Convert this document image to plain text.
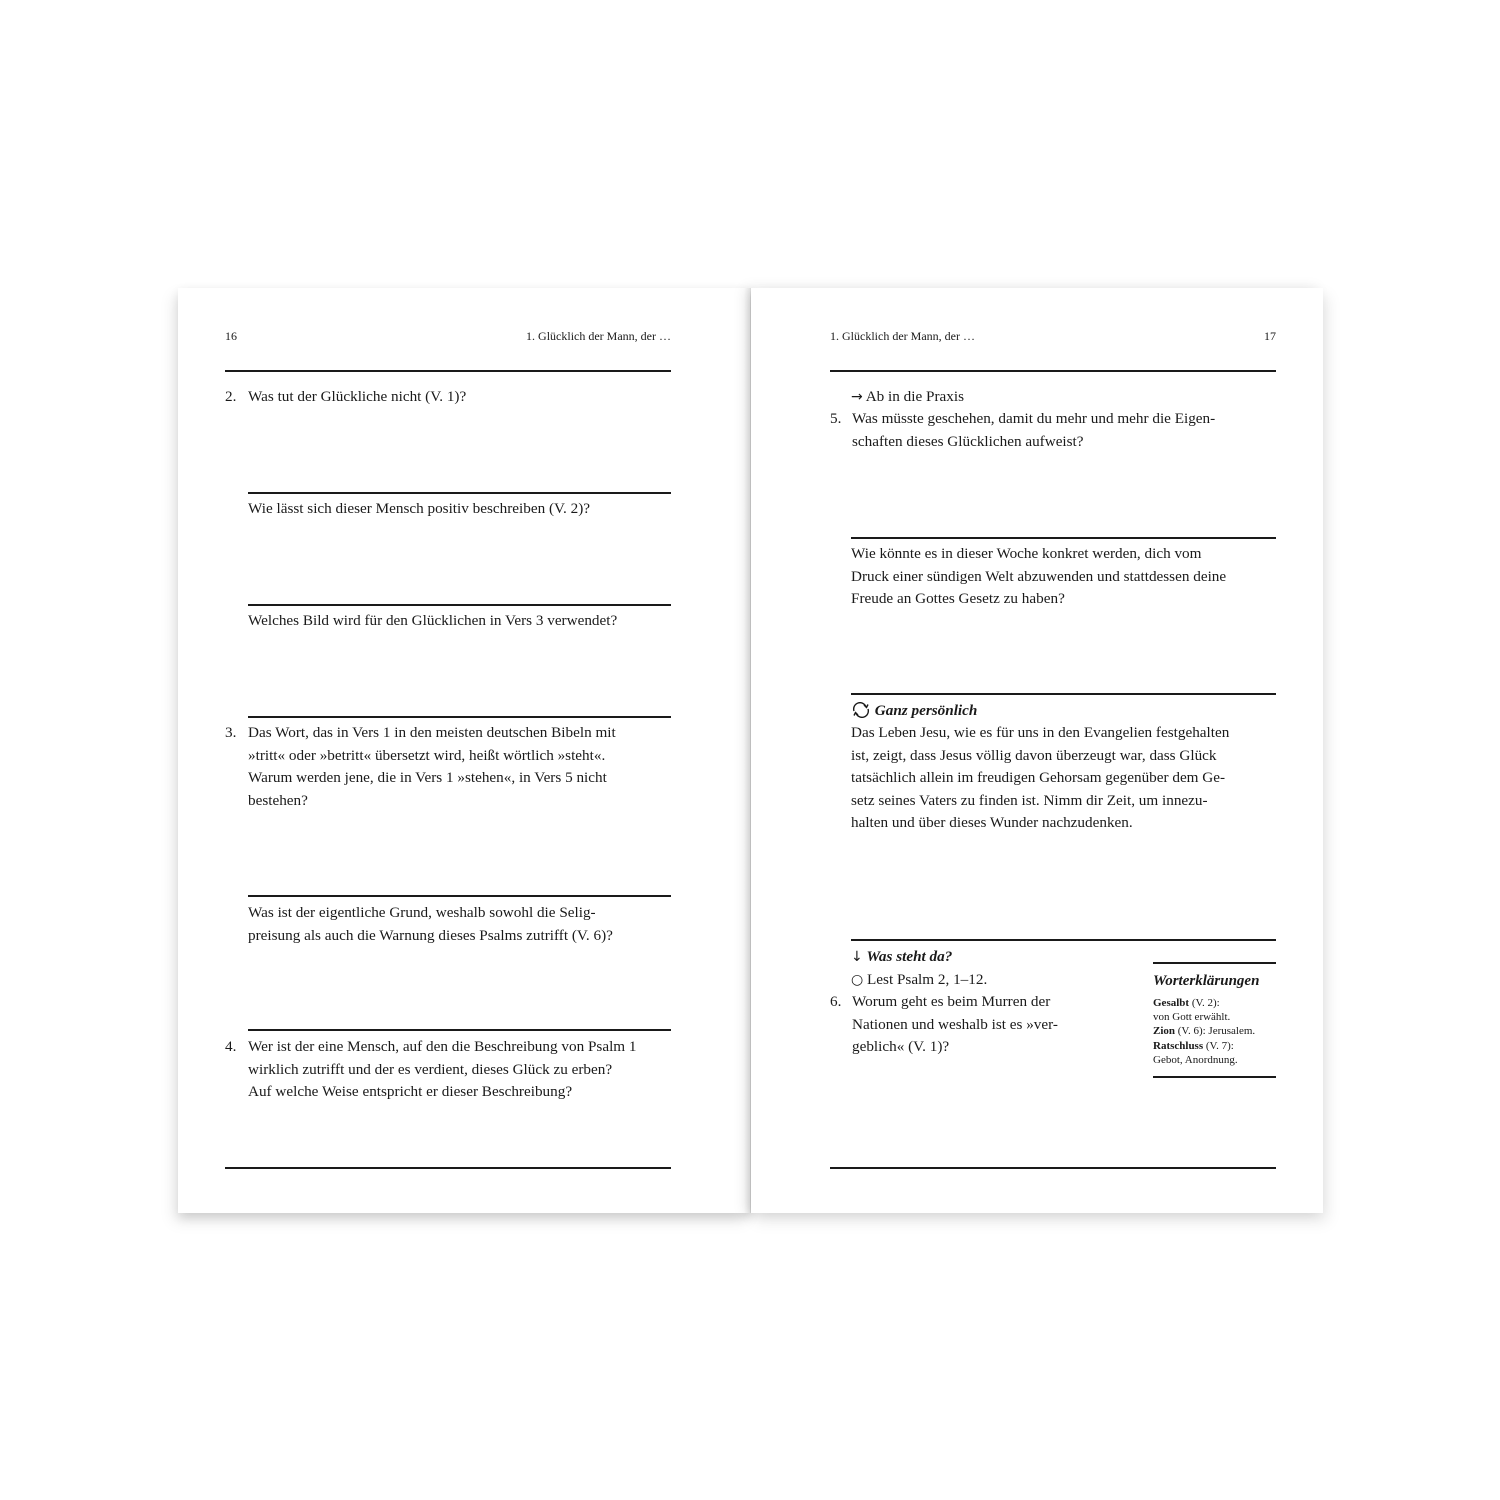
16	1. Glücklich der Mann, der …
2. Was tut der Glückliche nicht (V. 1)?
Wie lässt sich dieser Mensch positiv beschreiben (V. 2)?
Welches Bild wird für den Glücklichen in Vers 3 verwendet?
3. Das Wort, das in Vers 1 in den meisten deutschen Bibeln mit
»tritt« oder »betritt« übersetzt wird, heißt wörtlich »steht«.
Warum werden jene, die in Vers 1 »stehen«, in Vers 5 nicht
bestehen?
Was ist der eigentliche Grund, weshalb sowohl die Selig-
preisung als auch die Warnung dieses Psalms zutrifft (V. 6)?
4. Wer ist der eine Mensch, auf den die Beschreibung von Psalm 1
wirklich zutrifft und der es verdient, dieses Glück zu erben?
Auf welche Weise entspricht er dieser Beschreibung?
1. Glücklich der Mann, der …	17
→ Ab in die Praxis
5. Was müsste geschehen, damit du mehr und mehr die Eigen-
schaften dieses Glücklichen aufweist?
Wie könnte es in dieser Woche konkret werden, dich vom
Druck einer sündigen Welt abzuwenden und stattdessen deine
Freude an Gottes Gesetz zu haben?
Ganz persönlich
Das Leben Jesu, wie es für uns in den Evangelien festgehalten
ist, zeigt, dass Jesus völlig davon überzeugt war, dass Glück
tatsächlich allein im freudigen Gehorsam gegenüber dem Ge-
setz seines Vaters zu finden ist. Nimm dir Zeit, um innezu-
halten und über dieses Wunder nachzudenken.
↓ Was steht da?
○ Lest Psalm 2, 1–12.
6. Worum geht es beim Murren der
Nationen und weshalb ist es »ver-
geblich« (V. 1)?
Worterklärungen
Gesalbt (V. 2):
von Gott erwählt.
Zion (V. 6): Jerusalem.
Ratschluss (V. 7):
Gebot, Anordnung.
